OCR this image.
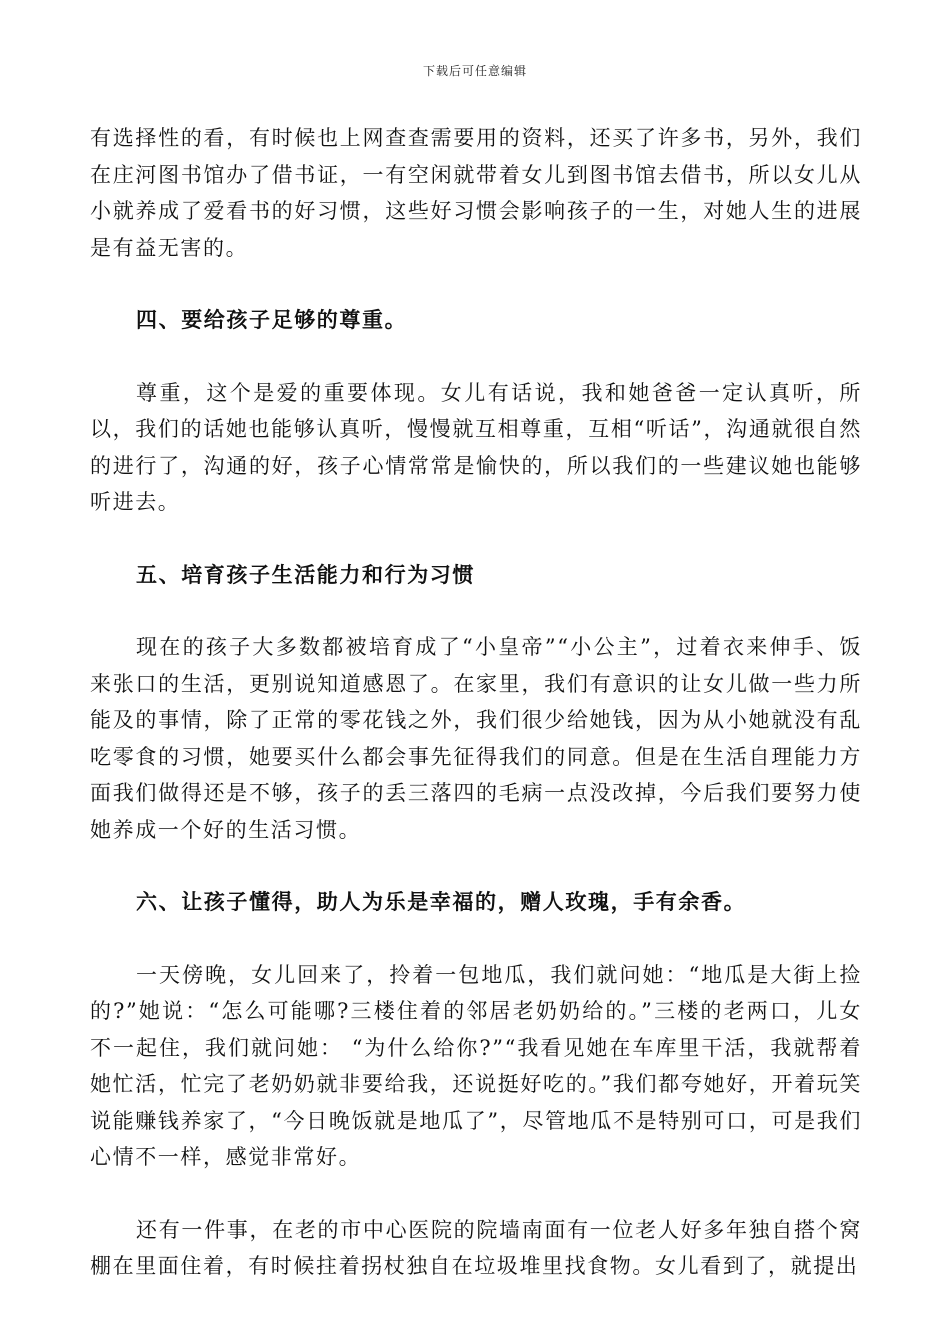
下载后可任意编辑

有选择性的看，有时候也上网查查需要用的资料，还买了许多书，另外，我们在庄河图书馆办了借书证，一有空闲就带着女儿到图书馆去借书，所以女儿从小就养成了爱看书的好习惯，这些好习惯会影响孩子的一生，对她人生的进展是有益无害的。

四、要给孩子足够的尊重。

尊重，这个是爱的重要体现。女儿有话说，我和她爸爸一定认真听，所以，我们的话她也能够认真听，慢慢就互相尊重，互相“听话”，沟通就很自然的进行了，沟通的好，孩子心情常常是愉快的，所以我们的一些建议她也能够听进去。

五、培育孩子生活能力和行为习惯

现在的孩子大多数都被培育成了“小皇帝”“小公主”，过着衣来伸手、饭来张口的生活，更别说知道感恩了。在家里，我们有意识的让女儿做一些力所能及的事情，除了正常的零花钱之外，我们很少给她钱，因为从小她就没有乱吃零食的习惯，她要买什么都会事先征得我们的同意。但是在生活自理能力方面我们做得还是不够，孩子的丢三落四的毛病一点没改掉，今后我们要努力使她养成一个好的生活习惯。

六、让孩子懂得，助人为乐是幸福的，赠人玫瑰，手有余香。

一天傍晚，女儿回来了，拎着一包地瓜，我们就问她：“地瓜是大街上捡的?”她说：“怎么可能哪?三楼住着的邻居老奶奶给的。”三楼的老两口，儿女不一起住，我们就问她： “为什么给你?”“我看见她在车库里干活，我就帮着她忙活，忙完了老奶奶就非要给我，还说挺好吃的。”我们都夸她好，开着玩笑说能赚钱养家了，“今日晚饭就是地瓜了”，尽管地瓜不是特别可口，可是我们心情不一样，感觉非常好。

还有一件事，在老的市中心医院的院墙南面有一位老人好多年独自搭个窝棚在里面住着，有时候拄着拐杖独自在垃圾堆里找食物。女儿看到了，就提出
